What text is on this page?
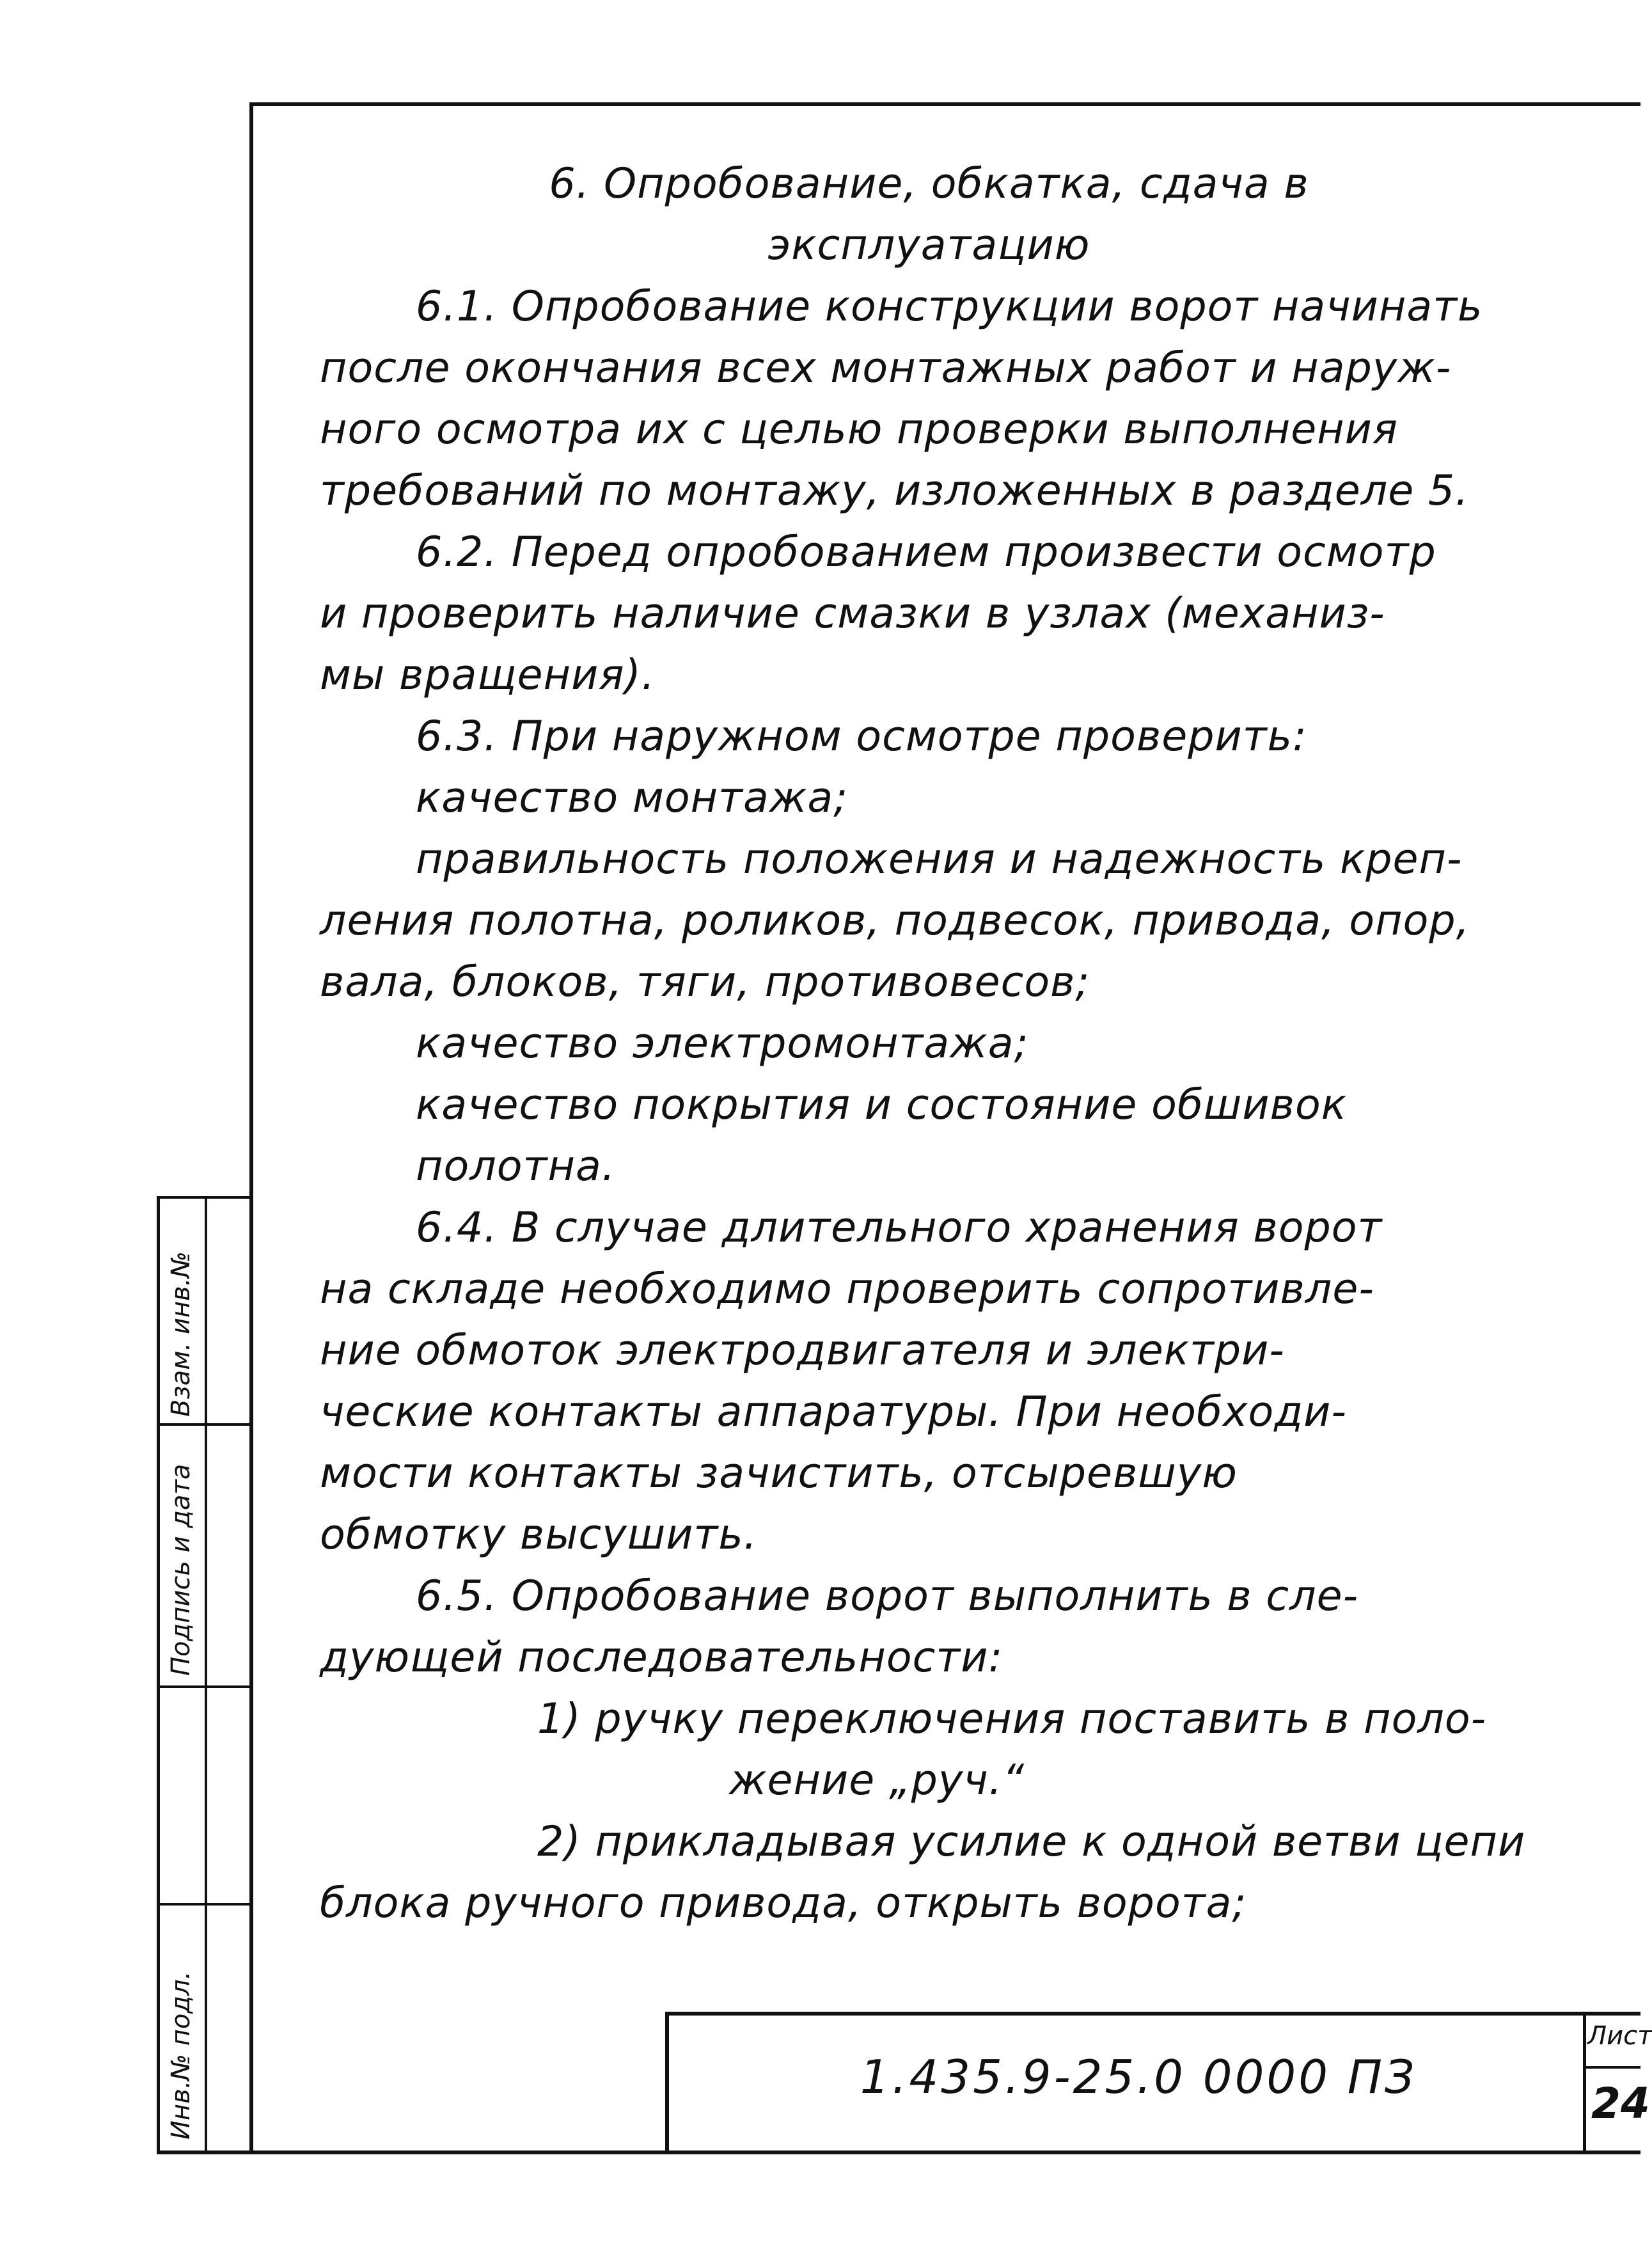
Взам. инв.№
Подпись и дата
Инв.№ подл.
6. Опробование, обкатка, сдача в
эксплуатацию
6.1. Опробование конструкции ворот начинать
после окончания всех монтажных работ и наруж-
ного осмотра их с целью проверки выполнения
требований по монтажу, изложенных в разделе 5.
6.2. Перед опробованием произвести осмотр
и проверить наличие смазки в узлах (механиз-
мы вращения).
6.3. При наружном осмотре проверить:
качество монтажа;
правильность положения и надежность креп-
ления полотна, роликов, подвесок, привода, опор,
вала, блоков, тяги, противовесов;
качество электромонтажа;
качество покрытия и состояние обшивок
полотна.
6.4. В случае длительного хранения ворот
на складе необходимо проверить сопротивле-
ние обмоток электродвигателя и электри-
ческие контакты аппаратуры. При необходи-
мости контакты зачистить, отсыревшую
обмотку высушить.
6.5. Опробование ворот выполнить в сле-
дующей последовательности:
1) ручку переключения поставить в поло-
жение „руч.“
2) прикладывая усилие к одной ветви цепи
блока ручного привода, открыть ворота;
1.435.9-25.0 0000 ПЗ
Лист
24
